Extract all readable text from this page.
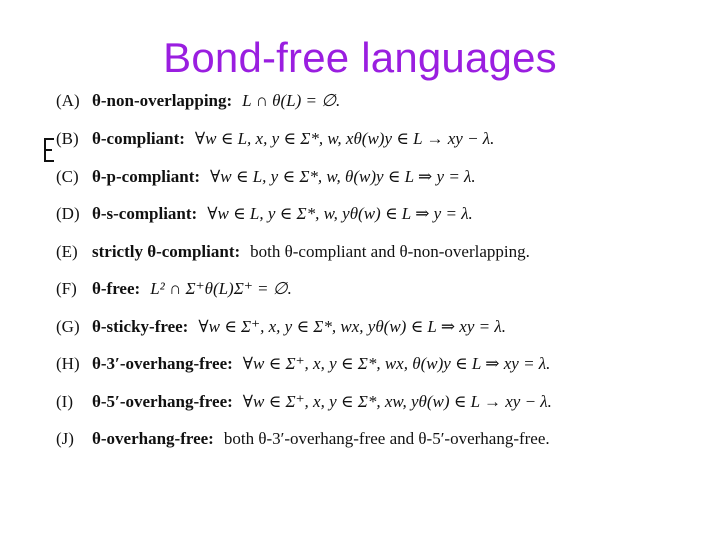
Bond-free languages
(A) θ-non-overlapping: L ∩ θ(L) = ∅.
(B) θ-compliant: ∀w ∈ L, x, y ∈ Σ*, w, xθ(w)y ∈ L → xy − λ.
(C) θ-p-compliant: ∀w ∈ L, y ∈ Σ*, w, θ(w)y ∈ L ⇒ y = λ.
(D) θ-s-compliant: ∀w ∈ L, y ∈ Σ*, w, yθ(w) ∈ L ⇒ y = λ.
(E) strictly θ-compliant: both θ-compliant and θ-non-overlapping.
(F) θ-free: L² ∩ Σ⁺θ(L)Σ⁺ = ∅.
(G) θ-sticky-free: ∀w ∈ Σ⁺, x, y ∈ Σ*, wx, yθ(w) ∈ L ⇒ xy = λ.
(H) θ-3′-overhang-free: ∀w ∈ Σ⁺, x, y ∈ Σ*, wx, θ(w)y ∈ L ⇒ xy = λ.
(I) θ-5′-overhang-free: ∀w ∈ Σ⁺, x, y ∈ Σ*, xw, yθ(w) ∈ L → xy − λ.
(J) θ-overhang-free: both θ-3′-overhang-free and θ-5′-overhang-free.
